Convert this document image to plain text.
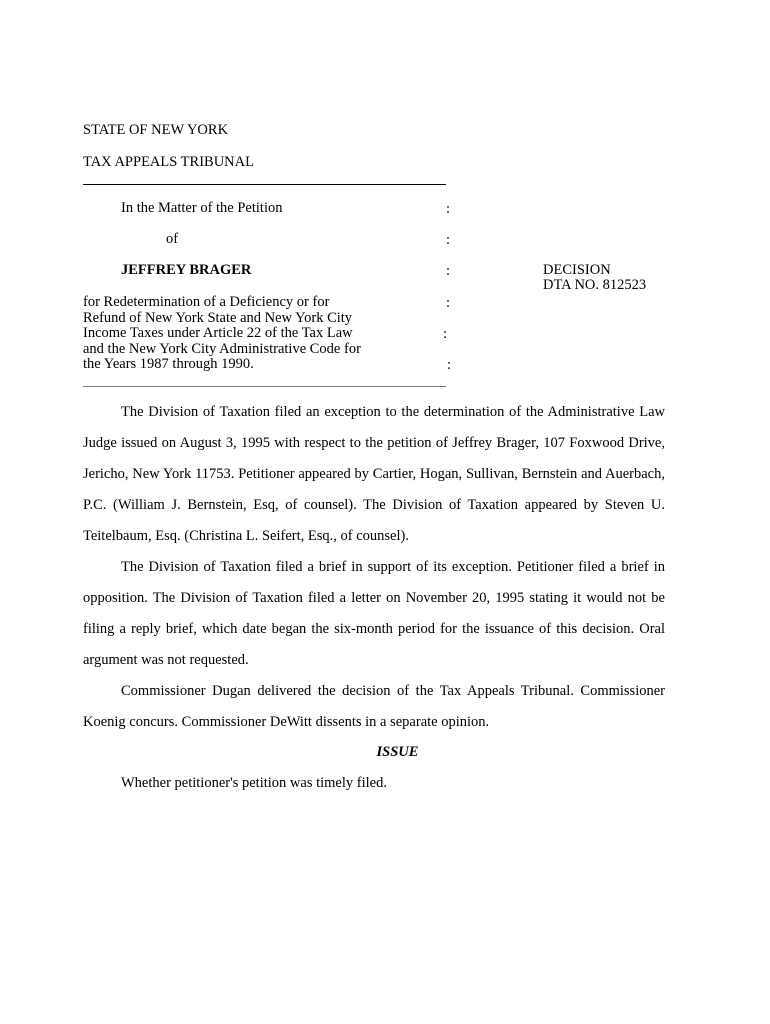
STATE OF NEW YORK
TAX APPEALS TRIBUNAL
In the Matter of the Petition	:
of	:
JEFFREY BRAGER	:	DECISION
DTA NO. 812523
for Redetermination of a Deficiency or for
Refund of New York State and New York City
Income Taxes under Article 22 of the Tax Law
and the New York City Administrative Code for
the Years 1987 through 1990.
:
:
:

The Division of Taxation filed an exception to the determination of the Administrative Law Judge issued on August 3, 1995 with respect to the petition of Jeffrey Brager, 107 Foxwood Drive, Jericho, New York 11753. Petitioner appeared by Cartier, Hogan, Sullivan, Bernstein and Auerbach, P.C. (William J. Bernstein, Esq, of counsel). The Division of Taxation appeared by Steven U. Teitelbaum, Esq. (Christina L. Seifert, Esq., of counsel).

The Division of Taxation filed a brief in support of its exception. Petitioner filed a brief in opposition. The Division of Taxation filed a letter on November 20, 1995 stating it would not be filing a reply brief, which date began the six-month period for the issuance of this decision. Oral argument was not requested.

Commissioner Dugan delivered the decision of the Tax Appeals Tribunal. Commissioner Koenig concurs. Commissioner DeWitt dissents in a separate opinion.

ISSUE
Whether petitioner's petition was timely filed.
